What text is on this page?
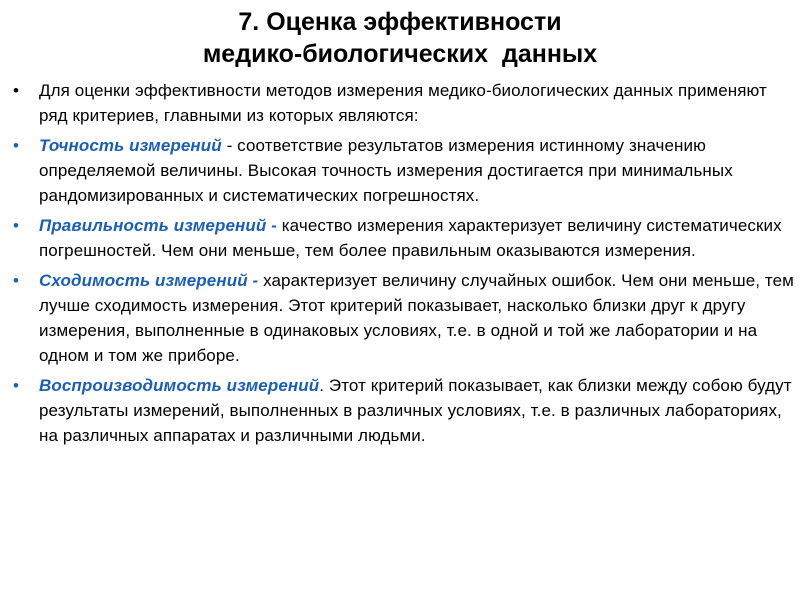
7. Оценка эффективности
медико-биологических  данных
•	Для оценки эффективности методов измерения медико-биологических данных применяют ряд критериев, главными из которых являются:
•	Точность измерений - соответствие результатов измерения истинному значению определяемой величины. Высокая точность измерения достигается при минимальных рандомизированных и систематических погрешностях.
•	Правильность измерений - качество измерения характеризует величину систематических погрешностей. Чем они меньше, тем более правильным оказываются измерения.
•	Сходимость измерений - характеризует величину случайных ошибок. Чем они меньше, тем лучше сходимость измерения. Этот критерий показывает, насколько близки друг к другу измерения, выполненные в одинаковых условиях, т.е. в одной и той же лаборатории и на одном и том же приборе.
•	Воспроизводимость измерений. Этот критерий показывает, как близки между собою будут результаты измерений, выполненных в различных условиях, т.е. в различных лабораториях, на различных аппаратах и различными людьми.
